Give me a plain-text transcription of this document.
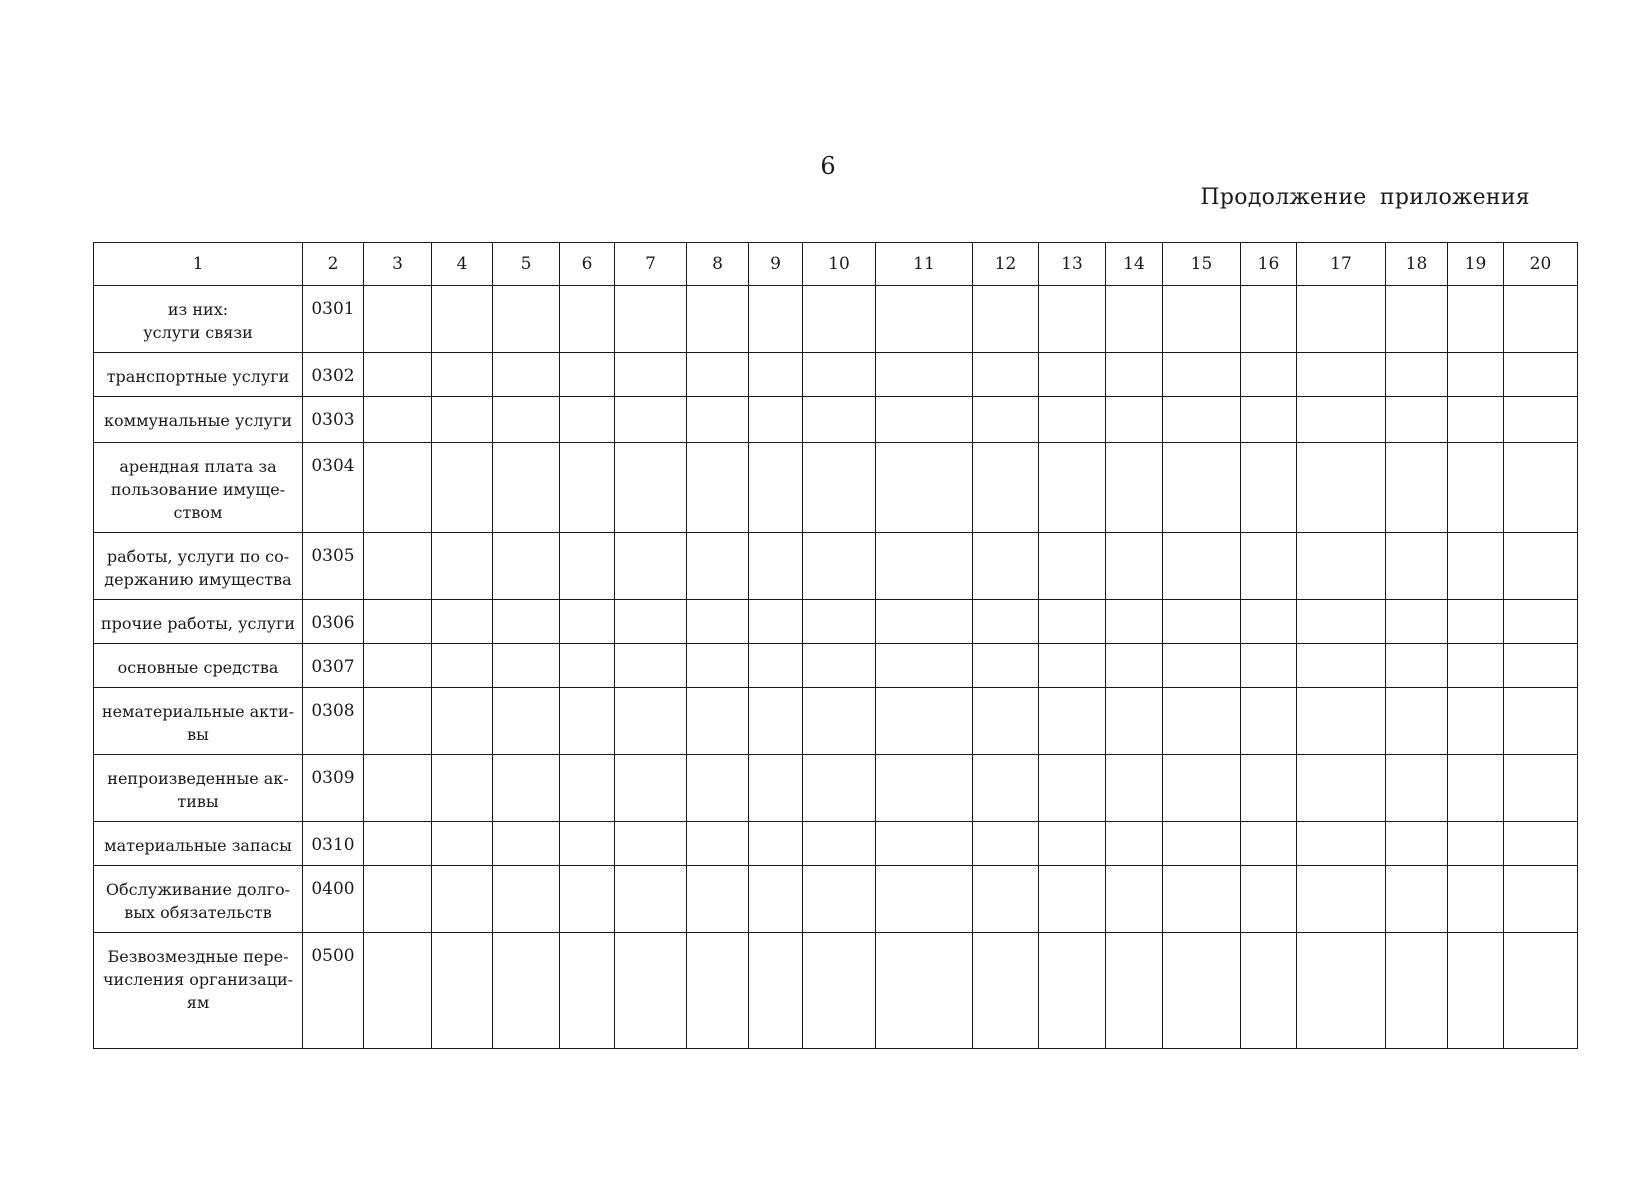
6
Продолжение приложения
1	2	3	4	5	6	7	8	9	10	11	12	13	14	15	16	17	18	19	20
из них:
услуги связи	0301																		
транспортные услуги	0302																		
коммунальные услуги	0303																		
арендная плата за
пользование имуще-
ством	0304																		
работы, услуги по со-
держанию имущества	0305																		
прочие работы, услуги	0306																		
основные средства	0307																		
нематериальные акти-
вы	0308																		
непроизведенные ак-
тивы	0309																		
материальные запасы	0310																		
Обслуживание долго-
вых обязательств	0400																		
Безвозмездные пере-
числения организаци-
ям	0500																		
